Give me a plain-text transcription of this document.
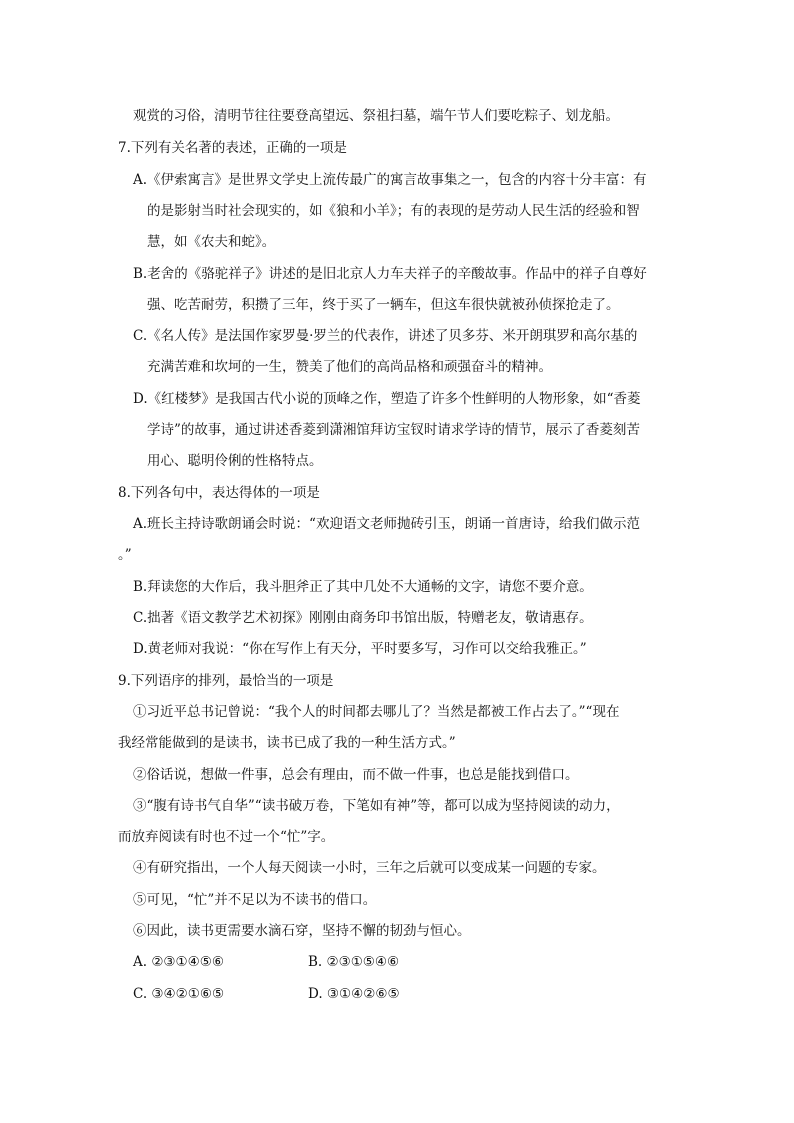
观赏的习俗，清明节往往要登高望远、祭祖扫墓，端午节人们要吃粽子、划龙船。
7.下列有关名著的表述，正确的一项是
A.《伊索寓言》是世界文学史上流传最广的寓言故事集之一，包含的内容十分丰富：有
的是影射当时社会现实的，如《狼和小羊》；有的表现的是劳动人民生活的经验和智
慧，如《农夫和蛇》。
B.老舍的《骆驼祥子》讲述的是旧北京人力车夫祥子的辛酸故事。作品中的祥子自尊好
强、吃苦耐劳，积攒了三年，终于买了一辆车，但这车很快就被孙侦探抢走了。
C.《名人传》是法国作家罗曼·罗兰的代表作，讲述了贝多芬、米开朗琪罗和高尔基的
充满苦难和坎坷的一生，赞美了他们的高尚品格和顽强奋斗的精神。
D.《红楼梦》是我国古代小说的顶峰之作，塑造了许多个性鲜明的人物形象，如“香菱
学诗”的故事，通过讲述香菱到潇湘馆拜访宝钗时请求学诗的情节，展示了香菱刻苦
用心、聪明伶俐的性格特点。
8.下列各句中，表达得体的一项是
A.班长主持诗歌朗诵会时说：“欢迎语文老师抛砖引玉，朗诵一首唐诗，给我们做示范
。”
B.拜读您的大作后，我斗胆斧正了其中几处不大通畅的文字，请您不要介意。
C.拙著《语文教学艺术初探》刚刚由商务印书馆出版，特赠老友，敬请惠存。
D.黄老师对我说：“你在写作上有天分，平时要多写，习作可以交给我雅正。”
9.下列语序的排列，最恰当的一项是
①习近平总书记曾说：“我个人的时间都去哪儿了？当然是都被工作占去了。”“现在
我经常能做到的是读书，读书已成了我的一种生活方式。”
②俗话说，想做一件事，总会有理由，而不做一件事，也总是能找到借口。
③“腹有诗书气自华”“读书破万卷，下笔如有神”等，都可以成为坚持阅读的动力，
而放弃阅读有时也不过一个“忙”字。
④有研究指出，一个人每天阅读一小时，三年之后就可以变成某一问题的专家。
⑤可见，“忙”并不足以为不读书的借口。
⑥因此，读书更需要水滴石穿，坚持不懈的韧劲与恒心。
A. ②③①④⑤⑥	B. ②③①⑤④⑥
C. ③④②①⑥⑤	D. ③①④②⑥⑤
